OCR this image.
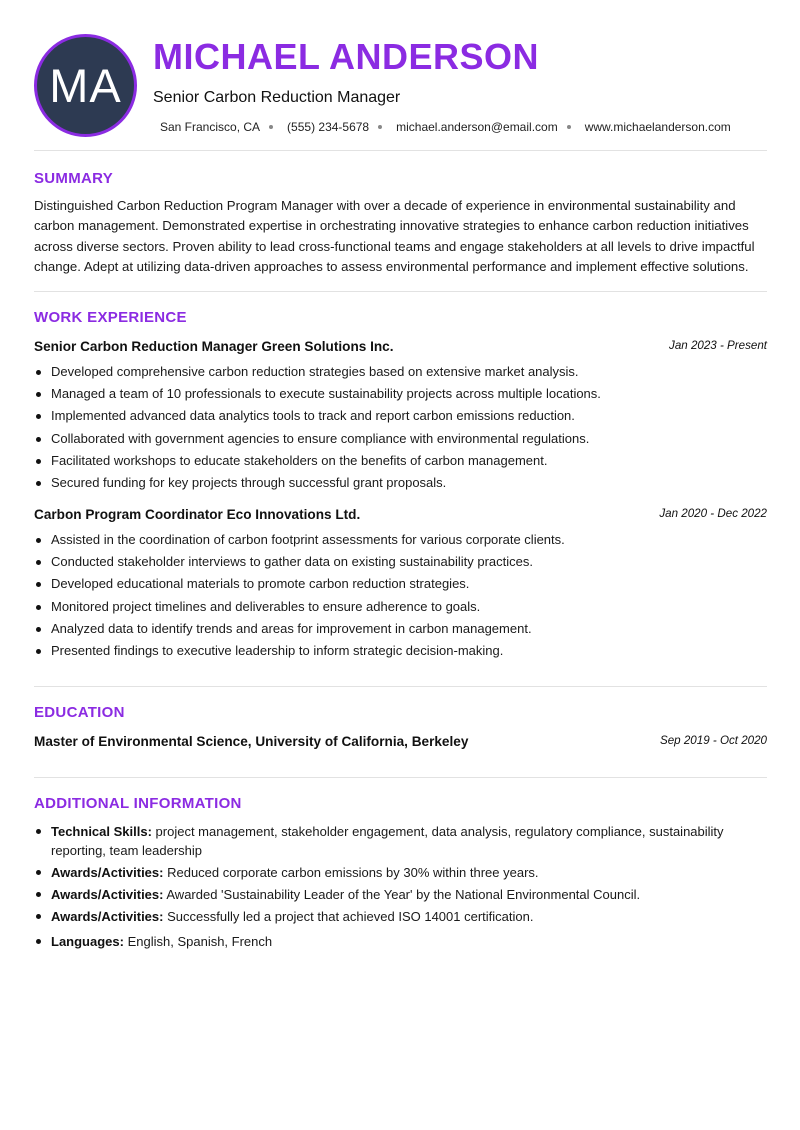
MA
MICHAEL ANDERSON
Senior Carbon Reduction Manager
San Francisco, CA (555) 234-5678 michael.anderson@email.com www.michaelanderson.com
SUMMARY
Distinguished Carbon Reduction Program Manager with over a decade of experience in environmental sustainability and carbon management. Demonstrated expertise in orchestrating innovative strategies to enhance carbon reduction initiatives across diverse sectors. Proven ability to lead cross-functional teams and engage stakeholders at all levels to drive impactful change. Adept at utilizing data-driven approaches to assess environmental performance and implement effective solutions.
WORK EXPERIENCE
Senior Carbon Reduction Manager Green Solutions Inc.	Jan 2023 - Present
Developed comprehensive carbon reduction strategies based on extensive market analysis.
Managed a team of 10 professionals to execute sustainability projects across multiple locations.
Implemented advanced data analytics tools to track and report carbon emissions reduction.
Collaborated with government agencies to ensure compliance with environmental regulations.
Facilitated workshops to educate stakeholders on the benefits of carbon management.
Secured funding for key projects through successful grant proposals.
Carbon Program Coordinator Eco Innovations Ltd.	Jan 2020 - Dec 2022
Assisted in the coordination of carbon footprint assessments for various corporate clients.
Conducted stakeholder interviews to gather data on existing sustainability practices.
Developed educational materials to promote carbon reduction strategies.
Monitored project timelines and deliverables to ensure adherence to goals.
Analyzed data to identify trends and areas for improvement in carbon management.
Presented findings to executive leadership to inform strategic decision-making.
EDUCATION
Master of Environmental Science, University of California, Berkeley	Sep 2019 - Oct 2020
ADDITIONAL INFORMATION
Technical Skills: project management, stakeholder engagement, data analysis, regulatory compliance, sustainability reporting, team leadership
Awards/Activities: Reduced corporate carbon emissions by 30% within three years.
Awards/Activities: Awarded 'Sustainability Leader of the Year' by the National Environmental Council.
Awards/Activities: Successfully led a project that achieved ISO 14001 certification.
Languages: English, Spanish, French
